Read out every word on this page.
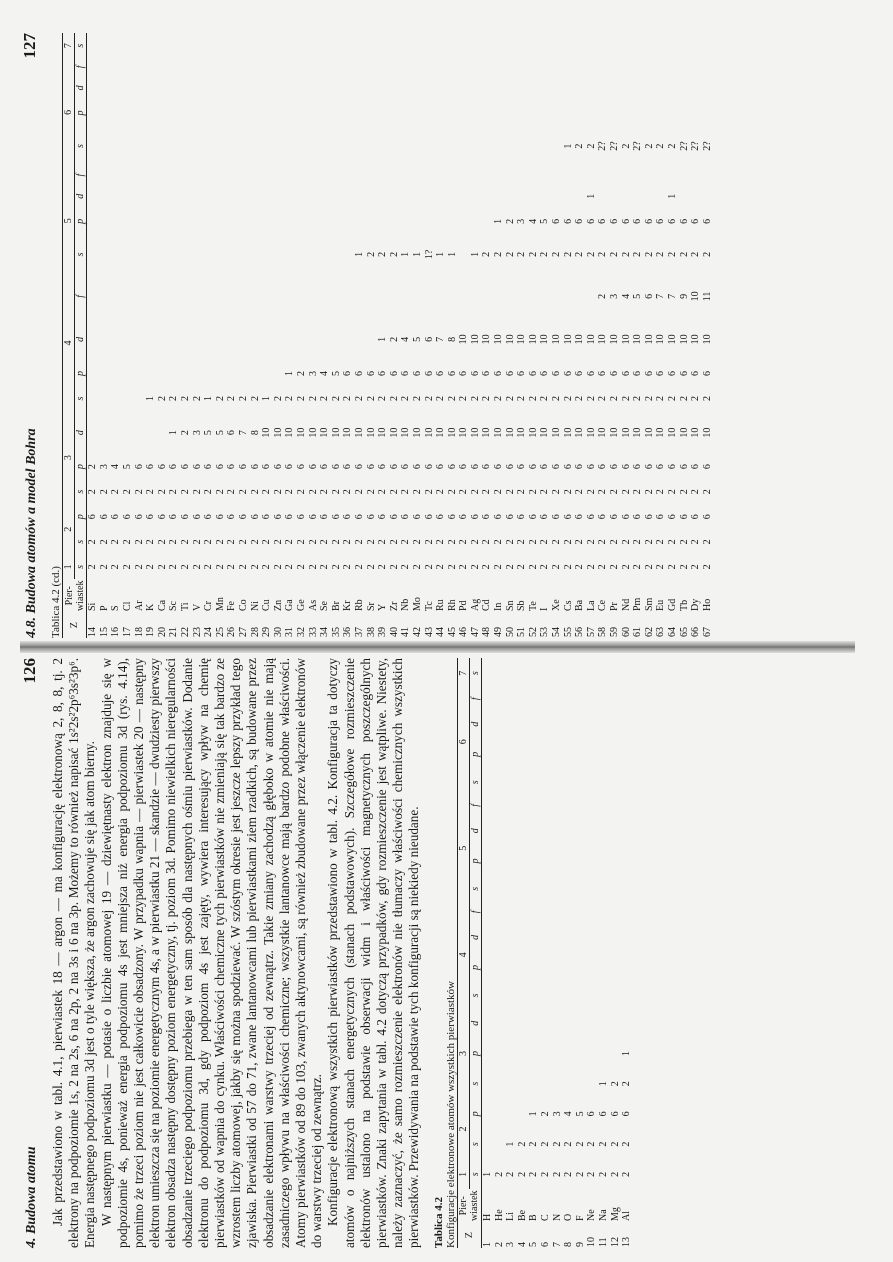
4. Budowa atomu
126 Jak przedstawiono w tabl. 4.1, pierwiastek 18 — argon — ma konfigurację elektronową 2, 8, 8, tj. 2 elektrony na podpoziomie 1s, 2 na 2s, 6 na 2p, 2 na 3s i 6 na 3p. Możemy to również napisać 1s²2s²2p⁶3s²3p⁶. Energia następnego podpoziomu 3d jest o tyle większa, że argon zachowuje się jak atom bierny. W następnym pierwiastku — potasie o liczbie atomowej 19 — dziewiętnasty elektron znajduje się w podpoziomie 4s, ponieważ energia podpoziomu 4s jest mniejsza niż energia podpoziomu 3d (rys. 4.14), pomimo że trzeci poziom nie jest całkowicie obsadzony. W przypadku wapnia — pierwiastek 20 — następny elektron umieszcza się na poziomie energetycznym 4s, a w pierwiastku 21 — skandzie — dwudziesty pierwszy elektron obsadza następny dostępny poziom energetyczny, tj. poziom 3d. Pomimo niewielkich nieregularności obsadzanie trzeciego podpoziomu przebiega w ten sam sposób dla następnych ośmiu pierwiastków. Dodanie elektronu do podpoziomu 3d, gdy podpoziom 4s jest zajęty, wywiera interesujący wpływ na chemię pierwiastków od wapnia do cynku. Właściwości chemiczne tych pierwiastków nie zmieniają się tak bardzo ze wzrostem liczby atomowej, jakby się można spodziewać. W szóstym okresie jest jeszcze lepszy przykład tego zjawiska. Pierwiastki od 57 do 71, zwane lantanowcami lub pierwiastkami ziem rzadkich, są budowane przez obsadzanie elektronami warstwy trzeciej od zewnątrz. Takie zmiany zachodzą głęboko w atomie nie mają zasadniczego wpływu na właściwości chemiczne; wszystkie lantanowce mają bardzo podobne właściwości. Atomy pierwiastków od 89 do 103, zwanych aktynowcami, są również zbudowane przez włączenie elektronów do warstwy trzeciej od zewnątrz. Konfiguracje elektronową wszystkich pierwiastków przedstawiono w tabl. 4.2. Konfiguracja ta dotyczy atomów o najniższych stanach energetycznych (stanach podstawowych). Szczegółowe rozmieszczenie elektronów ustalono na podstawie obserwacji widm i właściwości magnetycznych poszczególnych pierwiastków. Znaki zapytania w tabl. 4.2 dotyczą przypadków, gdy rozmieszczenie jest wątpliwe. Niestety, należy zaznaczyć, że samo rozmieszczenie elektronów nie tłumaczy właściwości chemicznych wszystkich pierwiastków. Przewidywania na podstawie tych konfiguracji są niekiedy nieudane. Tablica 4.2
Konfiguracje elektronowe atomów wszystkich pierwiastków Z	Pier-wiastek	1	2		3			4				5				6				7
		s	s	p	s	p	d	s	p	d	f	s	p	d	f	s	p	d	f	s
1	H	1																		
2	He	2																		
3	Li	2	1																	
4	Be	2	2																	
5	B	2	2	1																
6	C	2	2	2																
7	N	2	2	3																
8	O	2	2	4																
9	F	2	2	5																
10	Ne	2	2	6																
11	Na	2	2	6	1															
12	Mg	2	2	6	2															
13	Al	2	2	6	2	1														
4.8. Budowa atomów a model Bohra
127
Tablica 4.2 (cd.) Z	Pier-wiastek	1	2		3			4				5				6				7
		s	s	p	s	p	d	s	p	d	f	s	p	d	f	s	p	d	f	s
14	Si	2	2	6	2	2														
15	P	2	2	6	2	3														
16	S	2	2	6	2	4														
17	Cl	2	2	6	2	5														
18	Ar	2	2	6	2	6														
19	K	2	2	6	2	6		1												
20	Ca	2	2	6	2	6		2												
21	Sc	2	2	6	2	6	1	2												
22	Ti	2	2	6	2	6	2	2												
23	V	2	2	6	2	6	3	2												
24	Cr	2	2	6	2	6	5	1												
25	Mn	2	2	6	2	6	5	2												
26	Fe	2	2	6	2	6	6	2												
27	Co	2	2	6	2	6	7	2												
28	Ni	2	2	6	2	6	8	2												
29	Cu	2	2	6	2	6	10	1												
30	Zn	2	2	6	2	6	10	2												
31	Ga	2	2	6	2	6	10	2	1											
32	Ge	2	2	6	2	6	10	2	2											
33	As	2	2	6	2	6	10	2	3											
34	Se	2	2	6	2	6	10	2	4											
35	Br	2	2	6	2	6	10	2	5											
36	Kr	2	2	6	2	6	10	2	6											
37	Rb	2	2	6	2	6	10	2	6			1								
38	Sr	2	2	6	2	6	10	2	6			2								
39	Y	2	2	6	2	6	10	2	6	1		2								
40	Zr	2	2	6	2	6	10	2	6	2		2								
41	Nb	2	2	6	2	6	10	2	6	4		1								
42	Mo	2	2	6	2	6	10	2	6	5		1								
43	Tc	2	2	6	2	6	10	2	6	6		1?								
44	Ru	2	2	6	2	6	10	2	6	7		1								
45	Rh	2	2	6	2	6	10	2	6	8		1								
46	Pd	2	2	6	2	6	10	2	6	10										
47	Ag	2	2	6	2	6	10	2	6	10		1								
48	Cd	2	2	6	2	6	10	2	6	10		2								
49	In	2	2	6	2	6	10	2	6	10		2	1							
50	Sn	2	2	6	2	6	10	2	6	10		2	2							
51	Sb	2	2	6	2	6	10	2	6	10		2	3							
52	Te	2	2	6	2	6	10	2	6	10		2	4							
53	I	2	2	6	2	6	10	2	6	10		2	5							
54	Xe	2	2	6	2	6	10	2	6	10		2	6							
55	Cs	2	2	6	2	6	10	2	6	10		2	6			1				
56	Ba	2	2	6	2	6	10	2	6	10		2	6			2				
57	La	2	2	6	2	6	10	2	6	10		2	6	1		2				
58	Ce	2	2	6	2	6	10	2	6	10	2	2	6			2?				
59	Pr	2	2	6	2	6	10	2	6	10	3	2	6			2?				
60	Nd	2	2	6	2	6	10	2	6	10	4	2	6			2				
61	Pm	2	2	6	2	6	10	2	6	10	5	2	6			2?				
62	Sm	2	2	6	2	6	10	2	6	10	6	2	6			2				
63	Eu	2	2	6	2	6	10	2	6	10	7	2	6			2				
64	Gd	2	2	6	2	6	10	2	6	10	7	2	6	1		2				
65	Tb	2	2	6	2	6	10	2	6	10	9	2	6			2?				
66	Dy	2	2	6	2	6	10	2	6	10	10	2	6			2?				
67	Ho	2	2	6	2	6	10	2	6	10	11	2	6			2?				
